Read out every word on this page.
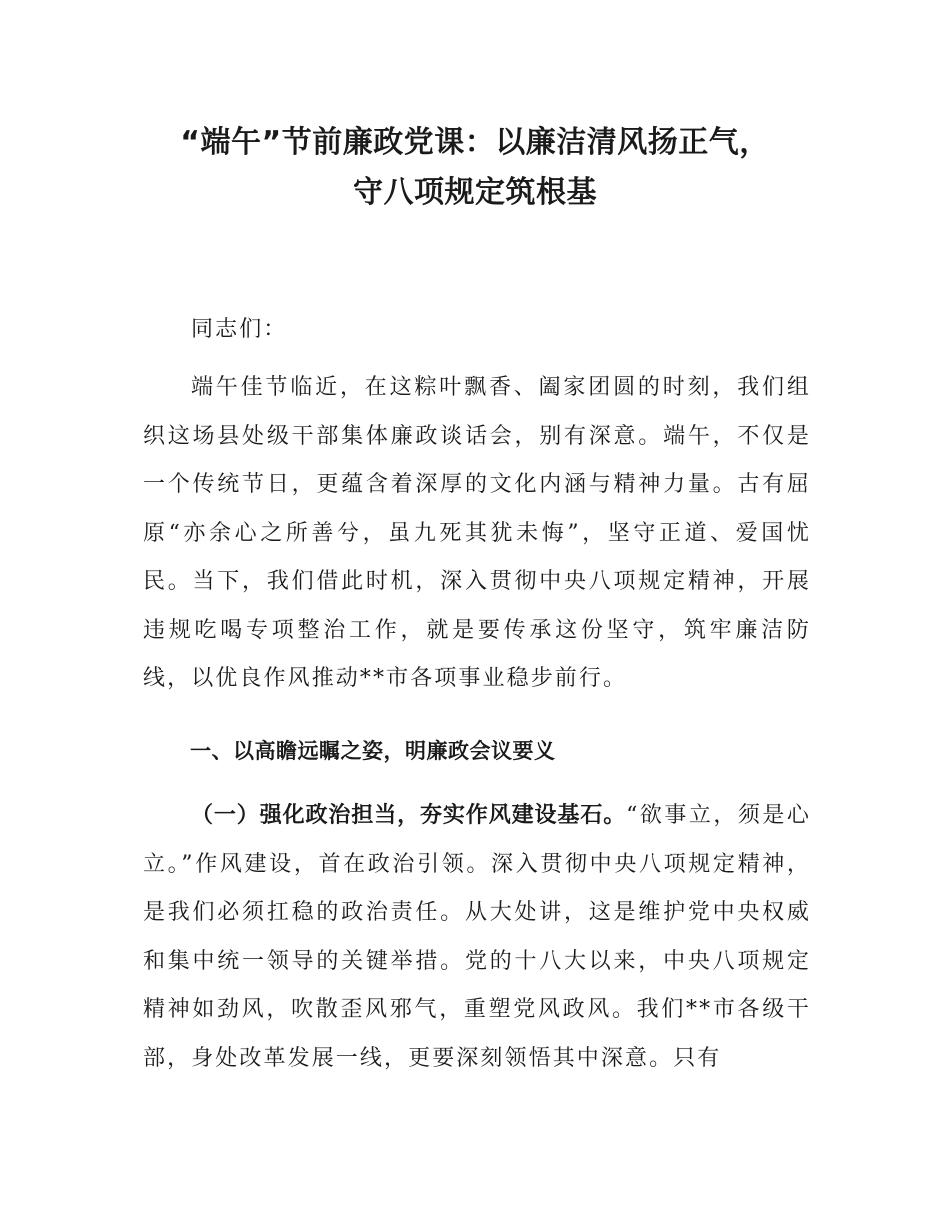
“端午”节前廉政党课：以廉洁清风扬正气，
守八项规定筑根基
同志们：
端午佳节临近，在这粽叶飘香、阖家团圆的时刻，我们组织这场县处级干部集体廉政谈话会，别有深意。端午，不仅是一个传统节日，更蕴含着深厚的文化内涵与精神力量。古有屈原“亦余心之所善兮，虽九死其犹未悔”，坚守正道、爱国忧民。当下，我们借此时机，深入贯彻中央八项规定精神，开展违规吃喝专项整治工作，就是要传承这份坚守，筑牢廉洁防线，以优良作风推动**市各项事业稳步前行。
一、以高瞻远瞩之姿，明廉政会议要义
（一）强化政治担当，夯实作风建设基石。“欲事立，须是心立。”作风建设，首在政治引领。深入贯彻中央八项规定精神，是我们必须扛稳的政治责任。从大处讲，这是维护党中央权威和集中统一领导的关键举措。党的十八大以来，中央八项规定精神如劲风，吹散歪风邪气，重塑党风政风。我们**市各级干部，身处改革发展一线，更要深刻领悟其中深意。只有
